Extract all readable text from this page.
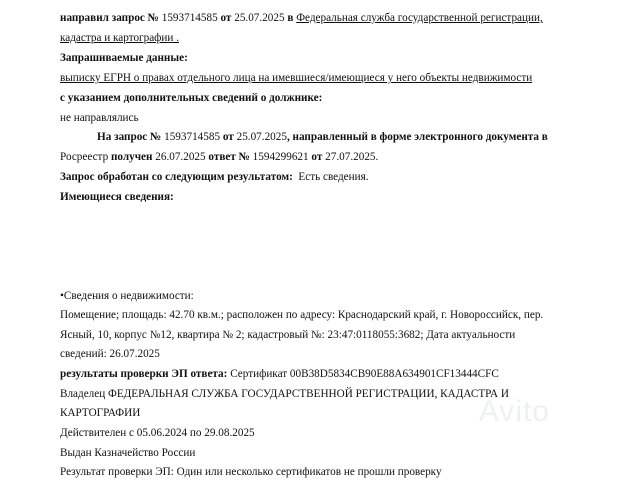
направил запрос № 1593714585 от 25.07.2025 в Федеральная служба государственной регистрации,
кадастра и картографии .
Запрашиваемые данные:
выписку ЕГРН о правах отдельного лица на имевшиеся/имеющиеся у него объекты недвижимости
с указанием дополнительных сведений о должнике:
не направлялись
На запрос № 1593714585 от 25.07.2025, направленный в форме электронного документа в
Росреестр получен 26.07.2025 ответ № 1594299621 от 27.07.2025.
Запрос обработан со следующим результатом: Есть сведения.
Имеющиеся сведения:
•Сведения о недвижимости:
Помещение; площадь: 42.70 кв.м.; расположен по адресу: Краснодарский край, г. Новороссийск, пер.
Ясный, 10, корпус №12, квартира № 2; кадастровый №: 23:47:0118055:3682; Дата актуальности
сведений: 26.07.2025
результаты проверки ЭП ответа: Сертификат 00B38D5834CB90E88A634901CF13444CFC
Владелец ФЕДЕРАЛЬНАЯ СЛУЖБА ГОСУДАРСТВЕННОЙ РЕГИСТРАЦИИ, КАДАСТРА И
КАРТОГРАФИИ
Действителен с 05.06.2024 по 29.08.2025
Выдан Казначейство России
Результат проверки ЭП: Один или несколько сертификатов не прошли проверку
Avito
